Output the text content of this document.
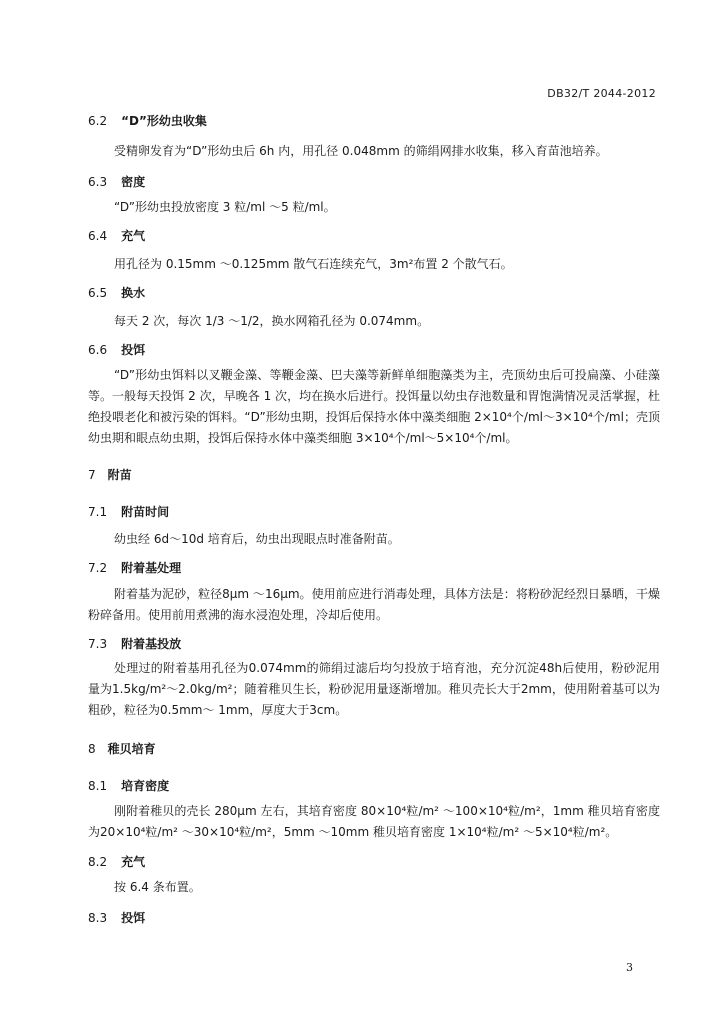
DB32/T 2044-2012
6.2 “D”形幼虫收集
受精卵发育为“D”形幼虫后 6h 内，用孔径 0.048mm 的筛绢网排水收集，移入育苗池培养。
6.3 密度
“D”形幼虫投放密度 3 粒/ml ～5 粒/ml。
6.4 充气
用孔径为 0.15mm ～0.125mm 散气石连续充气，3m²布置 2 个散气石。
6.5 换水
每天 2 次，每次 1/3 ～1/2，换水网箱孔径为 0.074mm。
6.6 投饵
“D”形幼虫饵料以叉鞭金藻、等鞭金藻、巴夫藻等新鲜单细胞藻类为主，壳顶幼虫后可投扁藻、小硅藻等。一般每天投饵 2 次，早晚各 1 次，均在换水后进行。投饵量以幼虫存池数量和胃饱满情况灵活掌握，杜绝投喂老化和被污染的饵料。“D”形幼虫期，投饵后保持水体中藻类细胞 2×10⁴个/ml～3×10⁴个/ml；壳顶幼虫期和眼点幼虫期，投饵后保持水体中藻类细胞 3×10⁴个/ml～5×10⁴个/ml。
7 附苗
7.1 附苗时间
幼虫经 6d～10d 培育后，幼虫出现眼点时准备附苗。
7.2 附着基处理
附着基为泥砂，粒径8μm ～16μm。使用前应进行消毒处理，具体方法是：将粉砂泥经烈日暴晒，干燥粉碎备用。使用前用煮沸的海水浸泡处理，冷却后使用。
7.3 附着基投放
处理过的附着基用孔径为0.074mm的筛绢过滤后均匀投放于培育池，充分沉淀48h后使用，粉砂泥用量为1.5kg/m²～2.0kg/m²；随着稚贝生长，粉砂泥用量逐渐增加。稚贝壳长大于2mm，使用附着基可以为粗砂，粒径为0.5mm～ 1mm，厚度大于3cm。
8 稚贝培育
8.1 培育密度
刚附着稚贝的壳长 280μm 左右，其培育密度 80×10⁴粒/m² ～100×10⁴粒/m²，1mm 稚贝培育密度为20×10⁴粒/m² ～30×10⁴粒/m²，5mm ～10mm 稚贝培育密度 1×10⁴粒/m² ～5×10⁴粒/m²。
8.2 充气
按 6.4 条布置。
8.3 投饵
3
